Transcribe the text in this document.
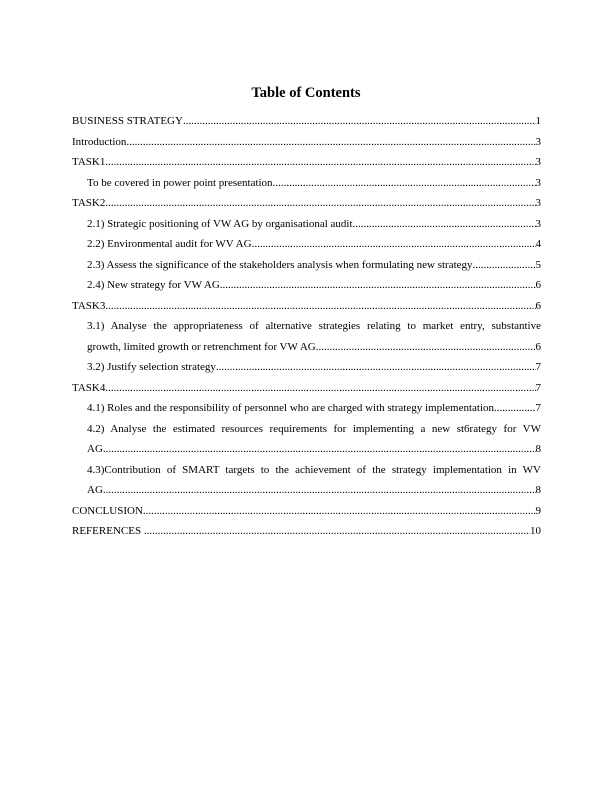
Table of Contents
BUSINESS STRATEGY .....	1
Introduction .....	3
TASK1 .....	3
To be covered in power point presentation .....	3
TASK2 .....	3
2.1) Strategic positioning of VW AG by organisational audit .....	3
2.2) Environmental audit for WV AG .....	4
2.3) Assess the significance of the stakeholders analysis when formulating new strategy .....	5
2.4) New strategy for VW AG .....	6
TASK3 .....	6
3.1) Analyse the appropriateness of alternative strategies relating to market entry, substantive
growth, limited growth or retrenchment for VW AG .....	6
3.2) Justify selection strategy .....	7
TASK4 .....	7
4.1) Roles and the responsibility of personnel who are charged with strategy implementation. .....	7
4.2) Analyse the estimated resources requirements for implementing a new st6rategy for VW
AG .....	8
4.3)Contribution of SMART targets to the achievement of the strategy implementation in WV
AG .....	8
CONCLUSION .....	9
REFERENCES .....	10
